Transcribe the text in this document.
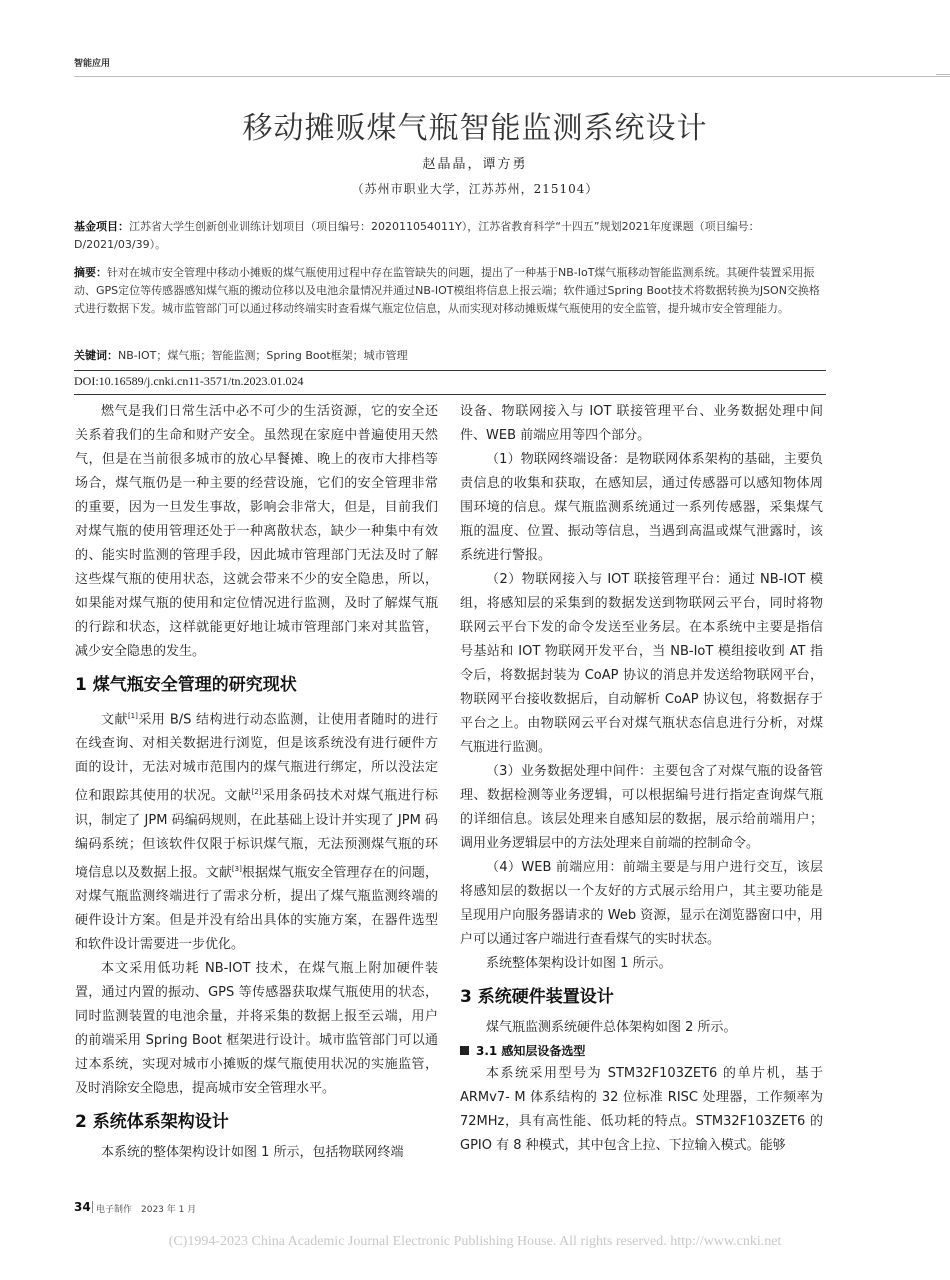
智能应用
移动摊贩煤气瓶智能监测系统设计
赵晶晶，谭方勇
（苏州市职业大学，江苏苏州，215104）
基金项目：江苏省大学生创新创业训练计划项目（项目编号：202011054011Y），江苏省教育科学“十四五”规划2021年度课题（项目编号：D/2021/03/39）。
摘要：针对在城市安全管理中移动小摊贩的煤气瓶使用过程中存在监管缺失的问题，提出了一种基于NB-IoT煤气瓶移动智能监测系统。其硬件装置采用振动、GPS定位等传感器感知煤气瓶的搬动位移以及电池余量情况并通过NB-IOT模组将信息上报云端；软件通过Spring Boot技术将数据转换为JSON交换格式进行数据下发。城市监管部门可以通过移动终端实时查看煤气瓶定位信息，从而实现对移动摊贩煤气瓶使用的安全监管，提升城市安全管理能力。
关键词：NB-IOT；煤气瓶；智能监测；Spring Boot框架；城市管理
DOI:10.16589/j.cnki.cn11-3571/tn.2023.01.024

燃气是我们日常生活中必不可少的生活资源，它的安全还关系着我们的生命和财产安全。虽然现在家庭中普遍使用天然气，但是在当前很多城市的放心早餐摊、晚上的夜市大排档等场合，煤气瓶仍是一种主要的经营设施，它们的安全管理非常的重要，因为一旦发生事故，影响会非常大，但是，目前我们对煤气瓶的使用管理还处于一种离散状态，缺少一种集中有效的、能实时监测的管理手段，因此城市管理部门无法及时了解这些煤气瓶的使用状态，这就会带来不少的安全隐患，所以，如果能对煤气瓶的使用和定位情况进行监测，及时了解煤气瓶的行踪和状态，这样就能更好地让城市管理部门来对其监管，减少安全隐患的发生。

1 煤气瓶安全管理的研究现状

文献[1]采用 B/S 结构进行动态监测，让使用者随时的进行在线查询、对相关数据进行浏览，但是该系统没有进行硬件方面的设计，无法对城市范围内的煤气瓶进行绑定，所以没法定位和跟踪其使用的状况。文献[2]采用条码技术对煤气瓶进行标识，制定了 JPM 码编码规则，在此基础上设计并实现了 JPM 码编码系统；但该软件仅限于标识煤气瓶，无法预测煤气瓶的环境信息以及数据上报。文献[3]根据煤气瓶安全管理存在的问题，对煤气瓶监测终端进行了需求分析，提出了煤气瓶监测终端的硬件设计方案。但是并没有给出具体的实施方案，在器件选型和软件设计需要进一步优化。

本文采用低功耗 NB-IOT 技术，在煤气瓶上附加硬件装置，通过内置的振动、GPS 等传感器获取煤气瓶使用的状态，同时监测装置的电池余量，并将采集的数据上报至云端，用户的前端采用 Spring Boot 框架进行设计。城市监管部门可以通过本系统，实现对城市小摊贩的煤气瓶使用状况的实施监管，及时消除安全隐患，提高城市安全管理水平。

2 系统体系架构设计

本系统的整体架构设计如图 1 所示，包括物联网终端

设备、物联网接入与 IOT 联接管理平台、业务数据处理中间件、WEB 前端应用等四个部分。

（1）物联网终端设备：是物联网体系架构的基础，主要负责信息的收集和获取，在感知层，通过传感器可以感知物体周围环境的信息。煤气瓶监测系统通过一系列传感器，采集煤气瓶的温度、位置、振动等信息，当遇到高温或煤气泄露时，该系统进行警报。

（2）物联网接入与 IOT 联接管理平台：通过 NB-IOT 模组，将感知层的采集到的数据发送到物联网云平台，同时将物联网云平台下发的命令发送至业务层。在本系统中主要是指信号基站和 IOT 物联网开发平台，当 NB-IoT 模组接收到 AT 指令后，将数据封装为 CoAP 协议的消息并发送给物联网平台，物联网平台接收数据后，自动解析 CoAP 协议包，将数据存于平台之上。由物联网云平台对煤气瓶状态信息进行分析，对煤气瓶进行监测。

（3）业务数据处理中间件：主要包含了对煤气瓶的设备管理、数据检测等业务逻辑，可以根据编号进行指定查询煤气瓶的详细信息。该层处理来自感知层的数据，展示给前端用户；调用业务逻辑层中的方法处理来自前端的控制命令。

（4）WEB 前端应用：前端主要是与用户进行交互，该层将感知层的数据以一个友好的方式展示给用户，其主要功能是呈现用户向服务器请求的 Web 资源，显示在浏览器窗口中，用户可以通过客户端进行查看煤气的实时状态。

系统整体架构设计如图 1 所示。

3 系统硬件装置设计

煤气瓶监测系统硬件总体架构如图 2 所示。

3.1 感知层设备选型

本系统采用型号为 STM32F103ZET6 的单片机，基于 ARMv7- M 体系结构的 32 位标准 RISC 处理器，工作频率为 72MHz，具有高性能、低功耗的特点。STM32F103ZET6 的 GPIO 有 8 种模式，其中包含上拉、下拉输入模式。能够

34 电子制作　2023 年 1 月
(C)1994-2023 China Academic Journal Electronic Publishing House. All rights reserved. http://www.cnki.net
